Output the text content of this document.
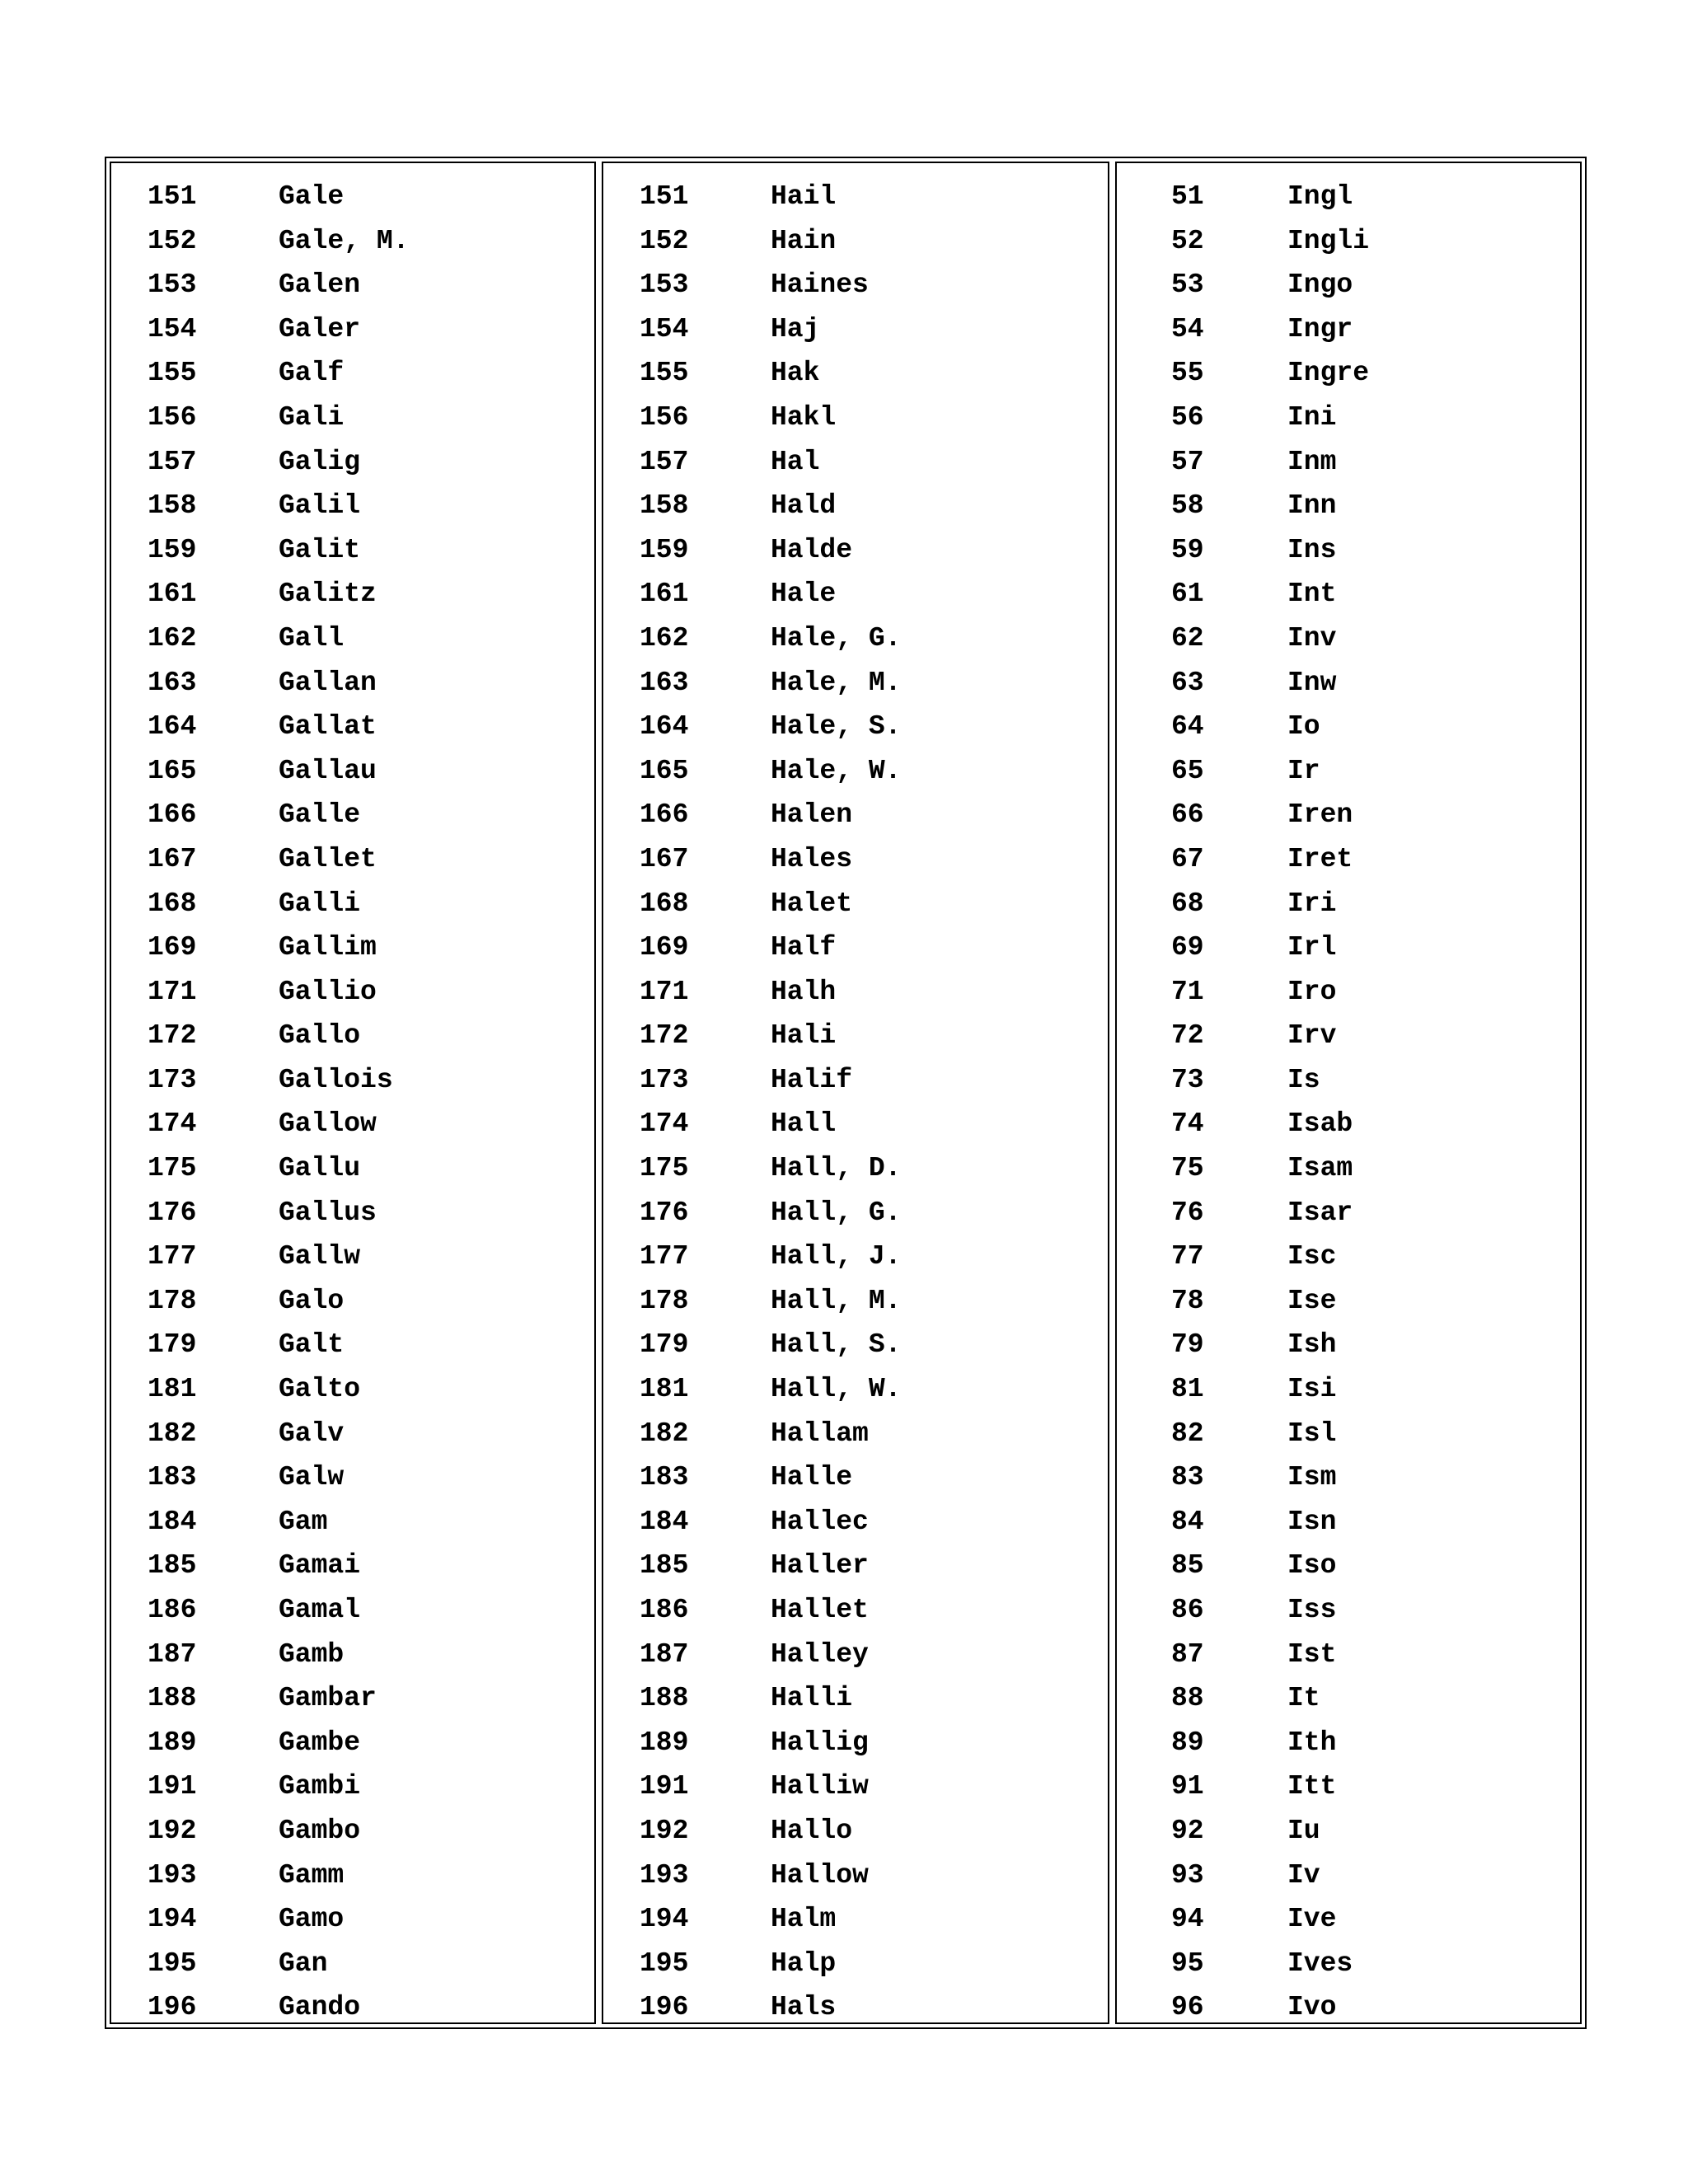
151	Gale
152	Gale, M.
153	Galen
154	Galer
155	Galf
156	Gali
157	Galig
158	Galil
159	Galit
161	Galitz
162	Gall
163	Gallan
164	Gallat
165	Gallau
166	Galle
167	Gallet
168	Galli
169	Gallim
171	Gallio
172	Gallo
173	Gallois
174	Gallow
175	Gallu
176	Gallus
177	Gallw
178	Galo
179	Galt
181	Galto
182	Galv
183	Galw
184	Gam
185	Gamai
186	Gamal
187	Gamb
188	Gambar
189	Gambe
191	Gambi
192	Gambo
193	Gamm
194	Gamo
195	Gan
196	Gando
151	Hail
152	Hain
153	Haines
154	Haj
155	Hak
156	Hakl
157	Hal
158	Hald
159	Halde
161	Hale
162	Hale, G.
163	Hale, M.
164	Hale, S.
165	Hale, W.
166	Halen
167	Hales
168	Halet
169	Half
171	Halh
172	Hali
173	Halif
174	Hall
175	Hall, D.
176	Hall, G.
177	Hall, J.
178	Hall, M.
179	Hall, S.
181	Hall, W.
182	Hallam
183	Halle
184	Hallec
185	Haller
186	Hallet
187	Halley
188	Halli
189	Hallig
191	Halliw
192	Hallo
193	Hallow
194	Halm
195	Halp
196	Hals
51	Ingl
52	Ingli
53	Ingo
54	Ingr
55	Ingre
56	Ini
57	Inm
58	Inn
59	Ins
61	Int
62	Inv
63	Inw
64	Io
65	Ir
66	Iren
67	Iret
68	Iri
69	Irl
71	Iro
72	Irv
73	Is
74	Isab
75	Isam
76	Isar
77	Isc
78	Ise
79	Ish
81	Isi
82	Isl
83	Ism
84	Isn
85	Iso
86	Iss
87	Ist
88	It
89	Ith
91	Itt
92	Iu
93	Iv
94	Ive
95	Ives
96	Ivo
